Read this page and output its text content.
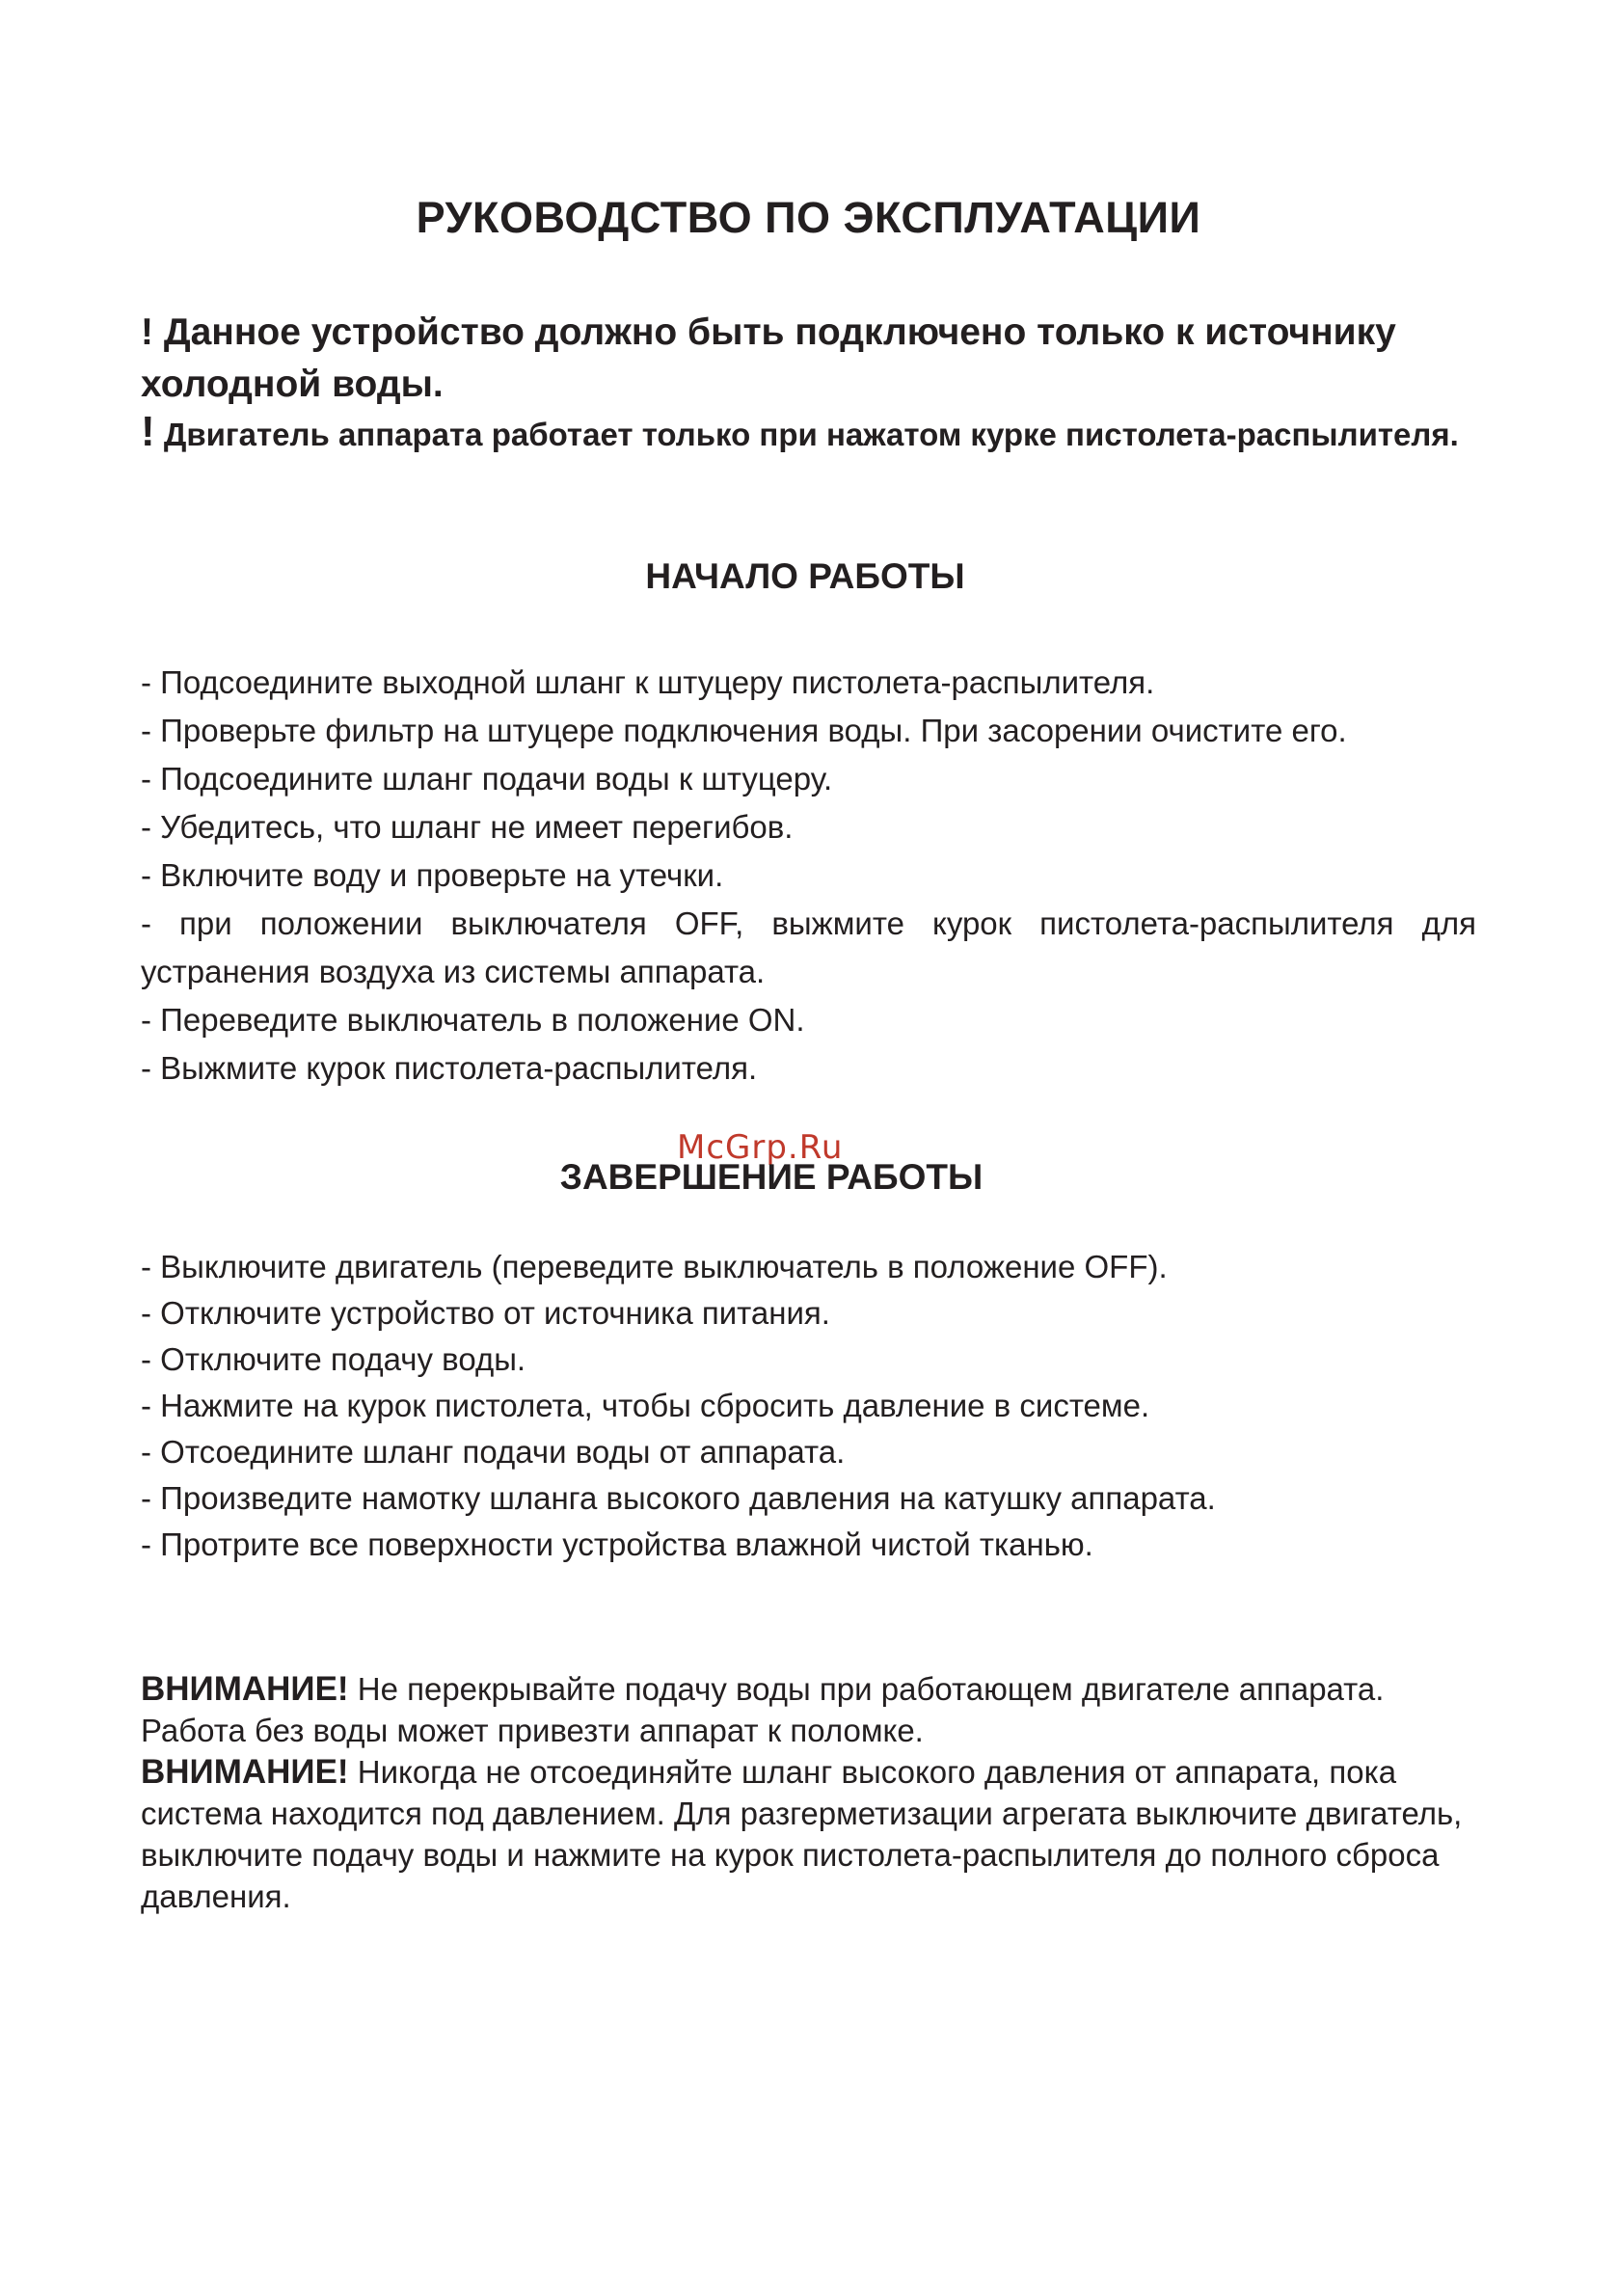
РУКОВОДСТВО ПО ЭКСПЛУАТАЦИИ

! Данное устройство должно быть подключено только к источнику холодной воды.

! Двигатель аппарата работает только при нажатом курке пистолета-распылителя.

НАЧАЛО РАБОТЫ
- Подсоедините выходной шланг к штуцеру пистолета-распылителя.
- Проверьте фильтр на штуцере подключения воды. При засорении очистите его.
- Подсоедините шланг подачи воды к штуцеру.
- Убедитесь, что шланг не имеет перегибов.
- Включите воду и проверьте на утечки.
- при положении выключателя OFF, выжмите курок пистолета-распылителя для устранения воздуха из системы аппарата.
- Переведите выключатель в положение ON.
- Выжмите курок пистолета-распылителя.
McGrp.Ru
ЗАВЕРШЕНИЕ РАБОТЫ
- Выключите двигатель (переведите выключатель в положение OFF).
- Отключите устройство от источника питания.
- Отключите подачу воды.
- Нажмите на курок пистолета, чтобы сбросить давление в системе.
- Отсоедините шланг подачи воды от аппарата.
- Произведите намотку шланга высокого давления на катушку аппарата.
- Протрите все поверхности устройства влажной чистой тканью.

ВНИМАНИЕ! Не перекрывайте подачу воды при работающем двигателе аппарата. Работа без воды может привезти аппарат к поломке.

ВНИМАНИЕ! Никогда не отсоединяйте шланг высокого давления от аппарата, пока система находится под давлением. Для разгерметизации агрегата выключите двигатель, выключите подачу воды и нажмите на курок пистолета-распылителя до полного сброса давления.
